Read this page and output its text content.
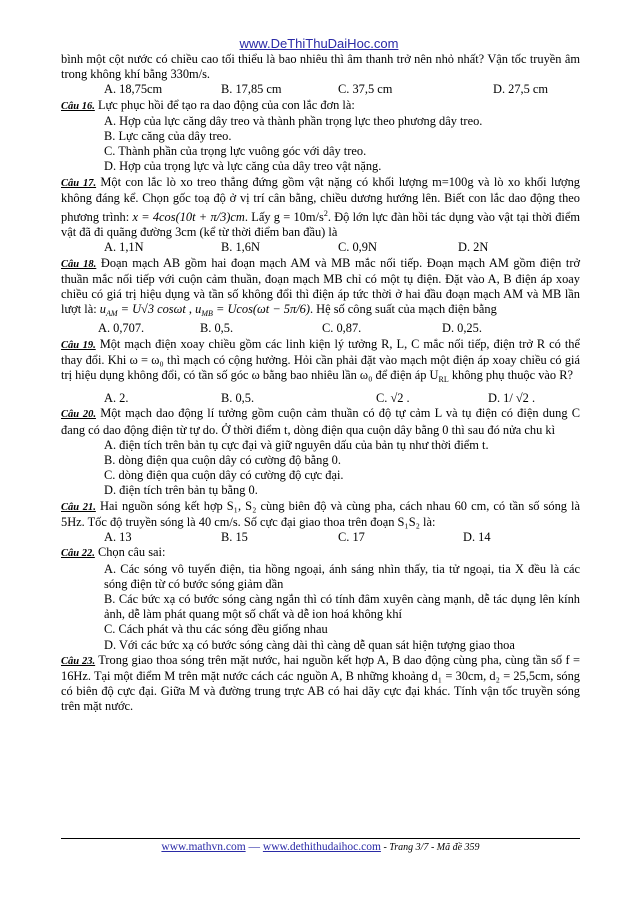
www.DeThiThuDaiHoc.com

bình một cột nước có chiều cao tối thiểu là bao nhiêu thì âm thanh trở nên nhỏ nhất? Vận tốc truyền âm trong không khí bằng 330m/s.

A. 18,75cm	B. 17,85 cm	C. 37,5 cm	D. 27,5 cm

Câu 16. Lực phục hồi để tạo ra dao động của con lắc đơn là:

A. Hợp của lực căng dây treo và thành phần trọng lực theo phương dây treo.

B. Lực căng của dây treo.

C. Thành phần của trọng lực vuông góc với dây treo.

D. Hợp của trọng lực và lực căng của dây treo vật nặng.

Câu 17. Một con lắc lò xo treo thẳng đứng gồm vật nặng có khối lượng m=100g và lò xo khối lượng không đáng kể. Chọn gốc toạ độ ở vị trí cân bằng, chiều dương hướng lên. Biết con lắc dao động theo phương trình: x = 4cos(10t + π/3)cm. Lấy $g = 10m/s^2$. Độ lớn lực đàn hồi tác dụng vào vật tại thời điểm vật đã đi quãng đường 3cm (kể từ thời điểm ban đầu) là

A. 1,1N	B. 1,6N	C. 0,9N	D. 2N

Câu 18. Đoạn mạch AB gồm hai đoạn mạch AM và MB mắc nối tiếp. Đoạn mạch AM gồm điện trở thuần mắc nối tiếp với cuộn cảm thuần, đoạn mạch MB chỉ có một tụ điện. Đặt vào A, B điện áp xoay chiều có giá trị hiệu dụng và tần số không đổi thì điện áp tức thời ở hai đầu đoạn mạch AM và MB lần lượt là: $u_{AM} = U√3$ cosωt , $u_{MB} = Ucos(\omega t - 5\pi/6)$. Hệ số công suất của mạch điện bằng

A. 0,707.	B. 0,5.	C. 0,87.	D. 0,25.

Câu 19. Một mạch điện xoay chiều gồm các linh kiện lý tưởng R, L, C mắc nối tiếp, điện trở R có thể thay đổi. Khi ω = ω₀ thì mạch có cộng hưởng. Hỏi cần phải đặt vào mạch một điện áp xoay chiều có giá trị hiệu dụng không đổi, có tần số góc ω bằng bao nhiêu lần ω₀ để điện áp $U_{RL}$ không phụ thuộc vào R?

A. 2.	B. 0,5.	C. √2 .	D. 1/ √2 .

Câu 20. Một mạch dao động lí tưởng gồm cuộn cảm thuần có độ tự cảm L và tụ điện có điện dung C đang có dao động điện từ tự do. Ở thời điểm t, dòng điện qua cuộn dây bằng 0 thì sau đó nửa chu kì

A. điện tích trên bản tụ cực đại và giữ nguyên dấu của bản tụ như thời điểm t.

B. dòng điện qua cuộn dây có cường độ bằng 0.

C. dòng điện qua cuộn dây có cường độ cực đại.

D. điện tích trên bản tụ bằng 0.

Câu 21. Hai nguồn sóng kết hợp S₁, S₂ cùng biên độ và cùng pha, cách nhau 60 cm, có tần số sóng là 5Hz. Tốc độ truyền sóng là 40 cm/s. Số cực đại giao thoa trên đoạn S₁S₂ là:

A. 13	B. 15	C. 17	D. 14

Câu 22. Chọn câu sai:

A. Các sóng vô tuyến điện, tia hồng ngoại, ánh sáng nhìn thấy, tia tử ngoại, tia X đều là các sóng điện từ có bước sóng giảm dần

B. Các bức xạ có bước sóng càng ngắn thì có tính đâm xuyên càng mạnh, dễ tác dụng lên kính ảnh, dễ làm phát quang một số chất và dễ ion hoá không khí

C. Cách phát và thu các sóng đều giống nhau

D. Với các bức xạ có bước sóng càng dài thì càng dễ quan sát hiện tượng giao thoa

Câu 23. Trong giao thoa sóng trên mặt nước, hai nguồn kết hợp A, B dao động cùng pha, cùng tần số f = 16Hz. Tại một điểm M trên mặt nước cách các nguồn A, B những khoảng d₁ = 30cm, d₂ = 25,5cm, sóng có biên độ cực đại. Giữa M và đường trung trực AB có hai dãy cực đại khác. Tính vận tốc truyền sóng trên mặt nước.

www.mathvn.com — www.dethithudaihoc.com - Trang 3/7 - Mã đề 359
